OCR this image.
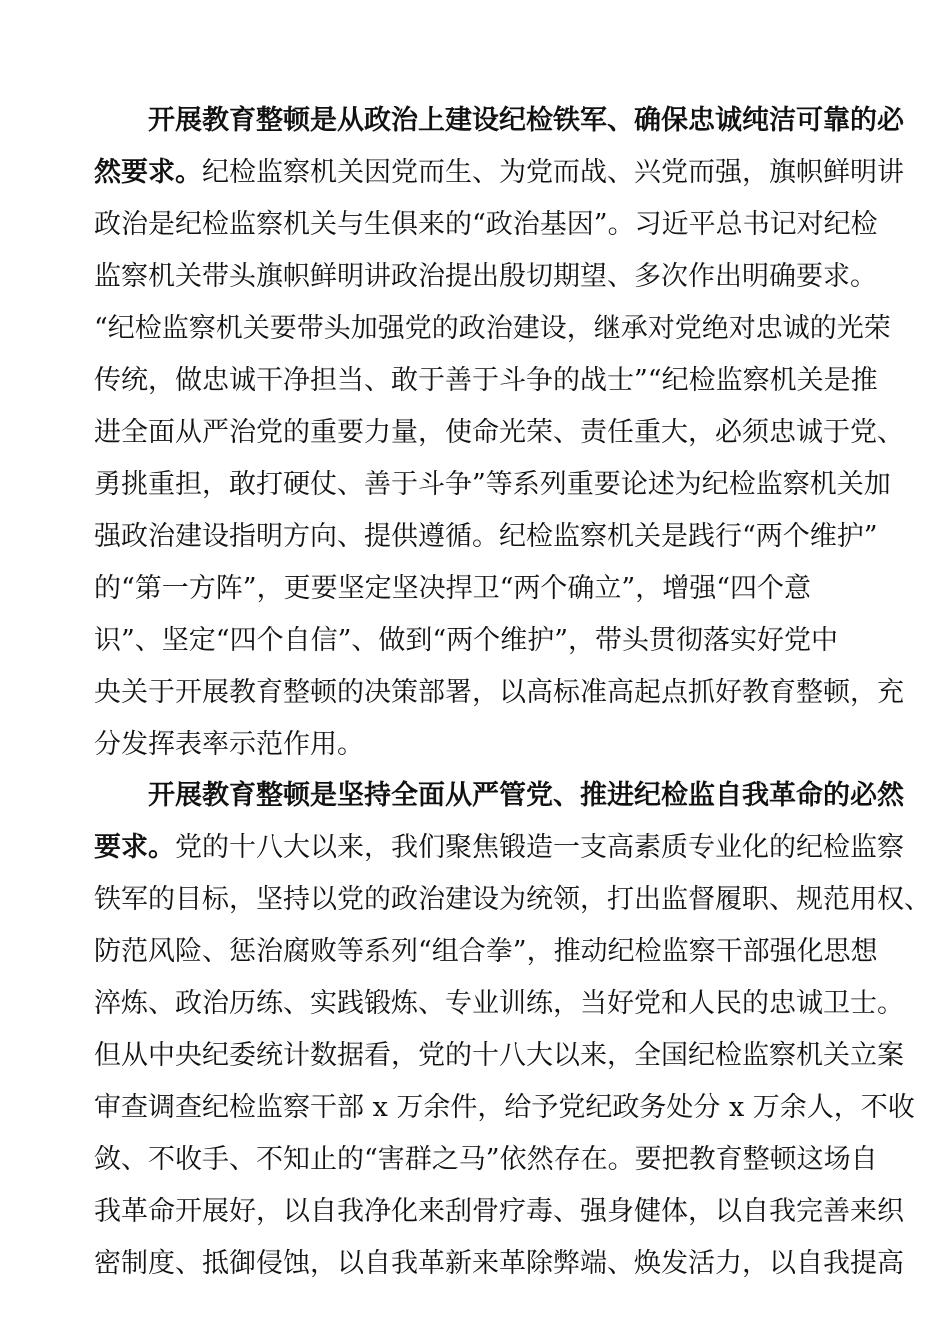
开展教育整顿是从政治上建设纪检铁军、确保忠诚纯洁可靠的必
然要求。纪检监察机关因党而生、为党而战、兴党而强，旗帜鲜明讲
政治是纪检监察机关与生俱来的“政治基因”。习近平总书记对纪检
监察机关带头旗帜鲜明讲政治提出殷切期望、多次作出明确要求。
“纪检监察机关要带头加强党的政治建设，继承对党绝对忠诚的光荣
传统，做忠诚干净担当、敢于善于斗争的战士”“纪检监察机关是推
进全面从严治党的重要力量，使命光荣、责任重大，必须忠诚于党、
勇挑重担，敢打硬仗、善于斗争”等系列重要论述为纪检监察机关加
强政治建设指明方向、提供遵循。纪检监察机关是践行“两个维护”
的“第一方阵”，更要坚定坚决捍卫“两个确立”，增强“四个意
识”、坚定“四个自信”、做到“两个维护”，带头贯彻落实好党中
央关于开展教育整顿的决策部署，以高标准高起点抓好教育整顿，充
分发挥表率示范作用。
开展教育整顿是坚持全面从严管党、推进纪检监自我革命的必然
要求。党的十八大以来，我们聚焦锻造一支高素质专业化的纪检监察
铁军的目标，坚持以党的政治建设为统领，打出监督履职、规范用权、
防范风险、惩治腐败等系列“组合拳”，推动纪检监察干部强化思想
淬炼、政治历练、实践锻炼、专业训练，当好党和人民的忠诚卫士。
但从中央纪委统计数据看，党的十八大以来，全国纪检监察机关立案
审查调查纪检监察干部 x 万余件，给予党纪政务处分 x 万余人，不收
敛、不收手、不知止的“害群之马”依然存在。要把教育整顿这场自
我革命开展好，以自我净化来刮骨疗毒、强身健体，以自我完善来织
密制度、抵御侵蚀，以自我革新来革除弊端、焕发活力，以自我提高
